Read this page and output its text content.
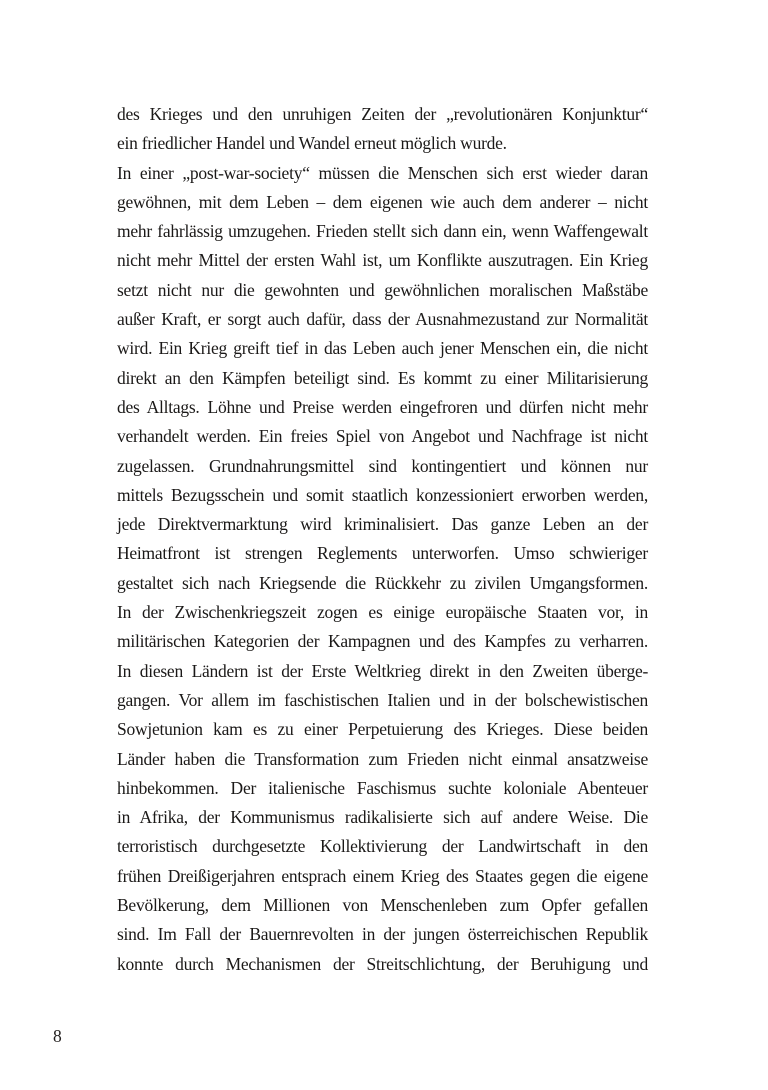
des Krieges und den unruhigen Zeiten der „revolutionären Konjunktur“
ein friedlicher Handel und Wandel erneut möglich wurde.
In einer „post-war-society“ müssen die Menschen sich erst wieder daran
gewöhnen, mit dem Leben – dem eigenen wie auch dem anderer – nicht
mehr fahrlässig umzugehen. Frieden stellt sich dann ein, wenn Waffengewalt
nicht mehr Mittel der ersten Wahl ist, um Konflikte auszutragen. Ein Krieg
setzt nicht nur die gewohnten und gewöhnlichen moralischen Maßstäbe
außer Kraft, er sorgt auch dafür, dass der Ausnahmezustand zur Normalität
wird. Ein Krieg greift tief in das Leben auch jener Menschen ein, die nicht
direkt an den Kämpfen beteiligt sind. Es kommt zu einer Militarisierung
des Alltags. Löhne und Preise werden eingefroren und dürfen nicht mehr
verhandelt werden. Ein freies Spiel von Angebot und Nachfrage ist nicht
zugelassen. Grundnahrungsmittel sind kontingentiert und können nur
mittels Bezugsschein und somit staatlich konzessioniert erworben werden,
jede Direktvermarktung wird kriminalisiert. Das ganze Leben an der
Heimatfront ist strengen Reglements unterworfen. Umso schwieriger
gestaltet sich nach Kriegsende die Rückkehr zu zivilen Umgangsformen.
In der Zwischenkriegszeit zogen es einige europäische Staaten vor, in
militärischen Kategorien der Kampagnen und des Kampfes zu verharren.
In diesen Ländern ist der Erste Weltkrieg direkt in den Zweiten überge-
gangen. Vor allem im faschistischen Italien und in der bolschewistischen
Sowjetunion kam es zu einer Perpetuierung des Krieges. Diese beiden
Länder haben die Transformation zum Frieden nicht einmal ansatzweise
hinbekommen. Der italienische Faschismus suchte koloniale Abenteuer
in Afrika, der Kommunismus radikalisierte sich auf andere Weise. Die
terroristisch durchgesetzte Kollektivierung der Landwirtschaft in den
frühen Dreißigerjahren entsprach einem Krieg des Staates gegen die eigene
Bevölkerung, dem Millionen von Menschenleben zum Opfer gefallen
sind. Im Fall der Bauernrevolten in der jungen österreichischen Republik
konnte durch Mechanismen der Streitschlichtung, der Beruhigung und
8
